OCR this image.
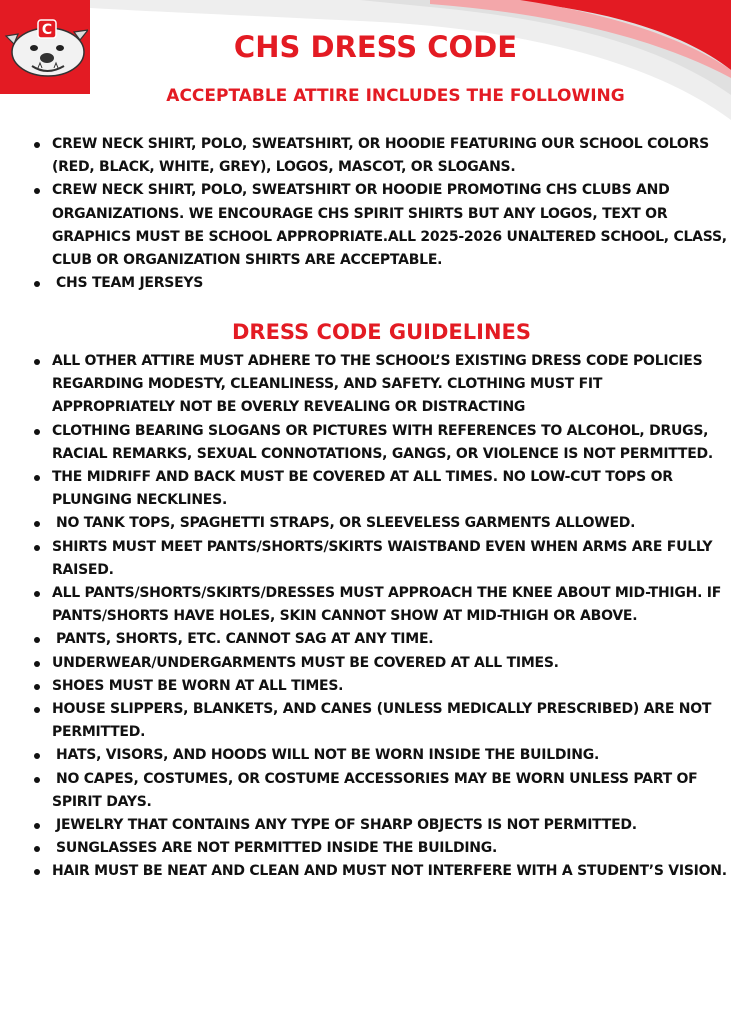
C	CHS DRESS CODE
ACCEPTABLE ATTIRE INCLUDES THE FOLLOWING
CREW NECK SHIRT, POLO, SWEATSHIRT, OR HOODIE FEATURING OUR SCHOOL COLORS (RED, BLACK, WHITE, GREY), LOGOS, MASCOT, OR SLOGANS.
CREW NECK SHIRT, POLO, SWEATSHIRT OR HOODIE PROMOTING CHS CLUBS AND ORGANIZATIONS. WE ENCOURAGE CHS SPIRIT SHIRTS BUT ANY LOGOS, TEXT OR GRAPHICS MUST BE SCHOOL APPROPRIATE.ALL 2025-2026 UNALTERED SCHOOL, CLASS, CLUB OR ORGANIZATION SHIRTS ARE ACCEPTABLE.
CHS TEAM JERSEYS
DRESS CODE GUIDELINES
ALL OTHER ATTIRE MUST ADHERE TO THE SCHOOL’S EXISTING DRESS CODE POLICIES REGARDING MODESTY, CLEANLINESS, AND SAFETY. CLOTHING MUST FIT APPROPRIATELY NOT BE OVERLY REVEALING OR DISTRACTING
CLOTHING BEARING SLOGANS OR PICTURES WITH REFERENCES TO ALCOHOL, DRUGS, RACIAL REMARKS, SEXUAL CONNOTATIONS, GANGS, OR VIOLENCE IS NOT PERMITTED.
THE MIDRIFF AND BACK MUST BE COVERED AT ALL TIMES. NO LOW-CUT TOPS OR PLUNGING NECKLINES.
NO TANK TOPS, SPAGHETTI STRAPS, OR SLEEVELESS GARMENTS ALLOWED.
SHIRTS MUST MEET PANTS/SHORTS/SKIRTS WAISTBAND EVEN WHEN ARMS ARE FULLY RAISED.
ALL PANTS/SHORTS/SKIRTS/DRESSES MUST APPROACH THE KNEE ABOUT MID-THIGH. IF PANTS/SHORTS HAVE HOLES, SKIN CANNOT SHOW AT MID-THIGH OR ABOVE.
PANTS, SHORTS, ETC. CANNOT SAG AT ANY TIME.
UNDERWEAR/UNDERGARMENTS MUST BE COVERED AT ALL TIMES.
SHOES MUST BE WORN AT ALL TIMES.
HOUSE SLIPPERS, BLANKETS, AND CANES (UNLESS MEDICALLY PRESCRIBED) ARE NOT PERMITTED.
HATS, VISORS, AND HOODS WILL NOT BE WORN INSIDE THE BUILDING.
NO CAPES, COSTUMES, OR COSTUME ACCESSORIES MAY BE WORN UNLESS PART OF SPIRIT DAYS.
JEWELRY THAT CONTAINS ANY TYPE OF SHARP OBJECTS IS NOT PERMITTED.
SUNGLASSES ARE NOT PERMITTED INSIDE THE BUILDING.
HAIR MUST BE NEAT AND CLEAN AND MUST NOT INTERFERE WITH A STUDENT’S VISION.
